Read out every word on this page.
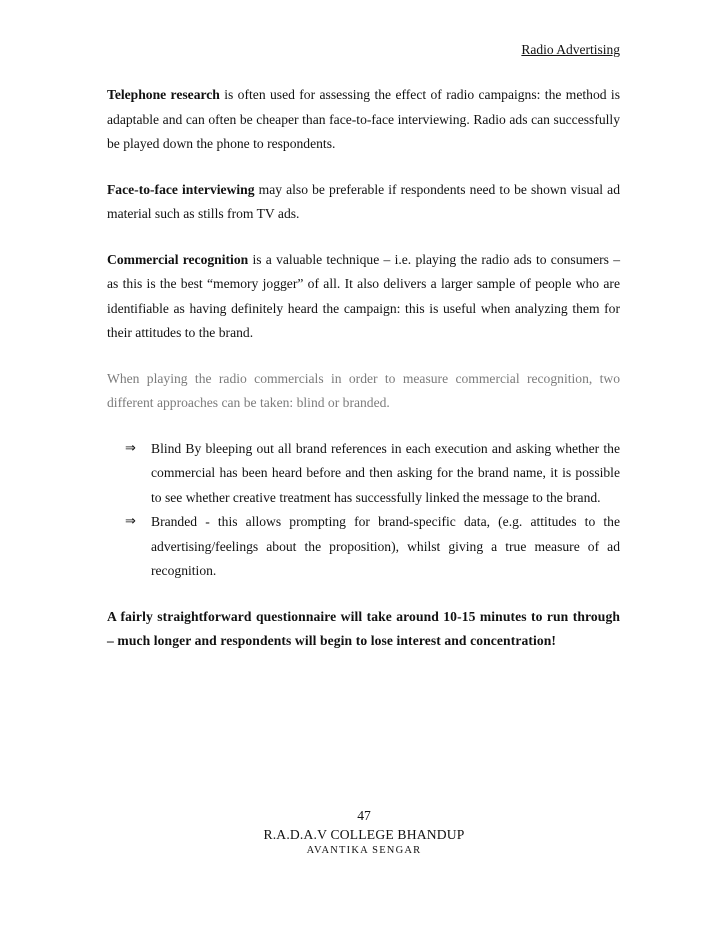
Radio Advertising

Telephone research is often used for assessing the effect of radio campaigns: the method is adaptable and can often be cheaper than face-to-face interviewing. Radio ads can successfully be played down the phone to respondents.

Face-to-face interviewing may also be preferable if respondents need to be shown visual ad material such as stills from TV ads.

Commercial recognition is a valuable technique – i.e. playing the radio ads to consumers – as this is the best “memory jogger” of all. It also delivers a larger sample of people who are identifiable as having definitely heard the campaign: this is useful when analyzing them for their attitudes to the brand.

When playing the radio commercials in order to measure commercial recognition, two different approaches can be taken: blind or branded.

⇒ Blind By bleeping out all brand references in each execution and asking whether the commercial has been heard before and then asking for the brand name, it is possible to see whether creative treatment has successfully linked the message to the brand.
⇒ Branded - this allows prompting for brand-specific data, (e.g. attitudes to the advertising/feelings about the proposition), whilst giving a true measure of ad recognition.

A fairly straightforward questionnaire will take around 10-15 minutes to run through – much longer and respondents will begin to lose interest and concentration!

47
R.A.D.A.V COLLEGE BHANDUP
AVANTIKA SENGAR
